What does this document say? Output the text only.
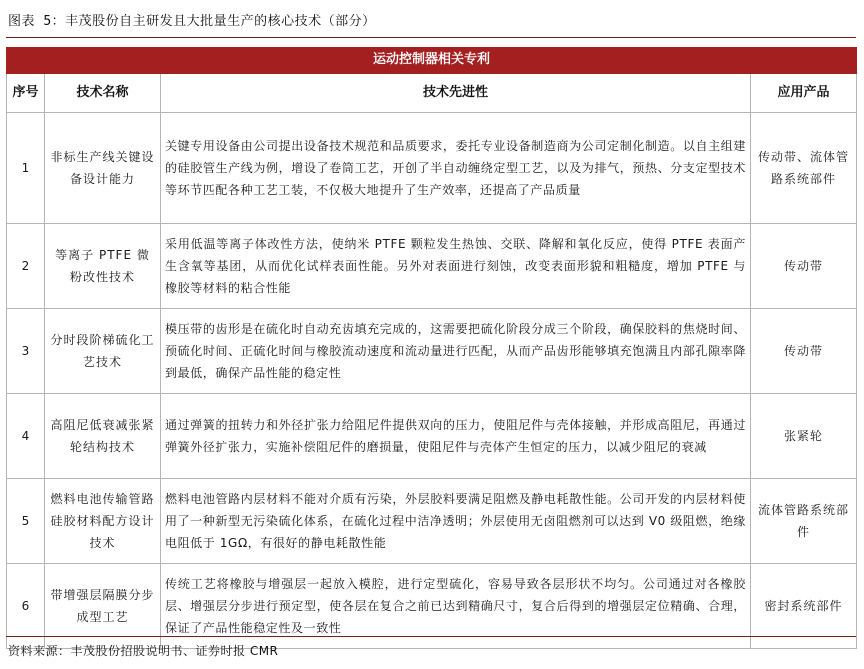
图表 5：丰茂股份自主研发且大批量生产的核心技术（部分）
运动控制器相关专利			
序号	技术名称	技术先进性	应用产品
1	非标生产线关键设备设计能力	关键专用设备由公司提出设备技术规范和品质要求，委托专业设备制造商为公司定制化制造。以自主组建的硅胶管生产线为例，增设了卷筒工艺，开创了半自动缠绕定型工艺，以及为排气，预热、分支定型技术等环节匹配各种工艺工装，不仅极大地提升了生产效率，还提高了产品质量	传动带、流体管路系统部件
2	等离子 PTFE 微粉改性技术	采用低温等离子体改性方法，使纳米 PTFE 颗粒发生热蚀、交联、降解和氧化反应，使得 PTFE 表面产生含氧等基团，从而优化试样表面性能。另外对表面进行刻蚀，改变表面形貌和粗糙度，增加 PTFE 与橡胶等材料的粘合性能	传动带
3	分时段阶梯硫化工艺技术	模压带的齿形是在硫化时自动充齿填充完成的，这需要把硫化阶段分成三个阶段，确保胶料的焦烧时间、预硫化时间、正硫化时间与橡胶流动速度和流动量进行匹配，从而产品齿形能够填充饱满且内部孔隙率降到最低，确保产品性能的稳定性	传动带
4	高阻尼低衰减张紧轮结构技术	通过弹簧的扭转力和外径扩张力给阻尼件提供双向的压力，使阻尼件与壳体接触，并形成高阻尼，再通过弹簧外径扩张力，实施补偿阻尼件的磨损量，使阻尼件与壳体产生恒定的压力，以减少阻尼的衰减	张紧轮
5	燃料电池传输管路硅胶材料配方设计技术	燃料电池管路内层材料不能对介质有污染，外层胶料要满足阻燃及静电耗散性能。公司开发的内层材料使用了一种新型无污染硫化体系，在硫化过程中洁净透明；外层使用无卤阻燃剂可以达到 V0 级阻燃，绝缘电阻低于 1GΩ，有很好的静电耗散性能	流体管路系统部件
6	带增强层隔膜分步成型工艺	传统工艺将橡胶与增强层一起放入模腔，进行定型硫化，容易导致各层形状不均匀。公司通过对各橡胶层、增强层分步进行预定型，使各层在复合之前已达到精确尺寸，复合后得到的增强层定位精确、合理，保证了产品性能稳定性及一致性	密封系统部件
资料来源：丰茂股份招股说明书、证券时报 CMR
